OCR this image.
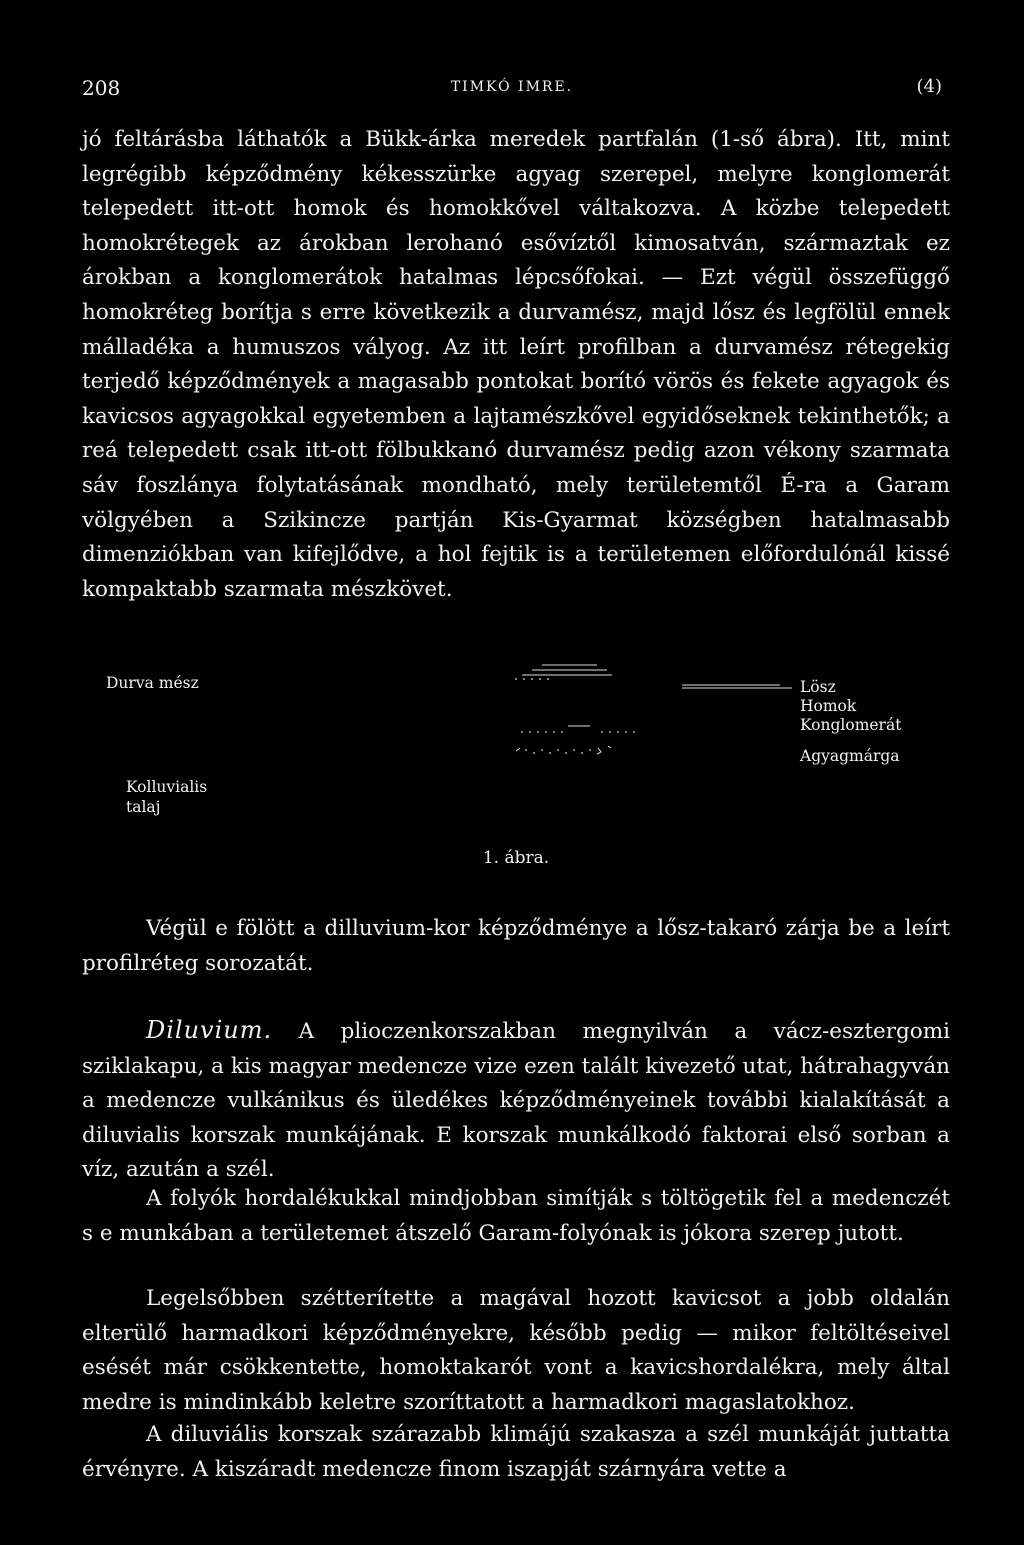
208	TIMKÓ IMRE.	(4)

jó feltárásba láthatók a Bükk-árka meredek partfalán (1-ső ábra). Itt, mint legrégibb képződmény kékesszürke agyag szerepel, melyre konglomerát telepedett itt-ott homok és homokkővel váltakozva. A közbe telepedett homokrétegek az árokban lerohanó esővíztől kimosatván, származtak ez árokban a konglomerátok hatalmas lépcsőfokai. — Ezt végül összefüggő homokréteg borítja s erre következik a durvamész, majd lősz és legfölül ennek málladéka a humuszos vályog. Az itt leírt profilban a durvamész rétegekig terjedő képződmények a magasabb pontokat borító vörös és fekete agyagok és kavicsos agyagokkal egyetemben a lajtamészkővel egyidőseknek tekinthetők; a reá telepedett csak itt-ott fölbukkanó durvamész pedig azon vékony szarmata sáv foszlánya folytatásának mondható, mely területemtől É-ra a Garam völgyében a Szikincze partján Kis-Gyarmat községben hatalmasabb dimenziókban van kifejlődve, a hol fejtik is a területemen előfordulónál kissé kompaktabb szarmata mészkövet.

Durva mész
Kolluvialis
talaj
Lösz
Homok
Konglomerát
Agyagmárga
1. ábra.

Végül e fölött a dilluvium-kor képződménye a lősz-takaró zárja be a leírt profilréteg sorozatát.

Diluvium. A plioczenkorszakban megnyilván a vácz-esztergomi sziklakapu, a kis magyar medencze vize ezen talált kivezető utat, hátrahagyván a medencze vulkánikus és üledékes képződményeinek további kialakítását a diluvialis korszak munkájának. E korszak munkálkodó faktorai első sorban a víz, azután a szél.

A folyók hordalékukkal mindjobban simítják s töltögetik fel a medenczét s e munkában a területemet átszelő Garam-folyónak is jókora szerep jutott.

Legelsőbben szétterítette a magával hozott kavicsot a jobb oldalán elterülő harmadkori képződményekre, később pedig — mikor feltöltéseivel esését már csökkentette, homoktakarót vont a kavicshordalékra, mely által medre is mindinkább keletre szoríttatott a harmadkori magaslatokhoz.

A diluviális korszak szárazabb klimájú szakasza a szél munkáját juttatta érvényre. A kiszáradt medencze finom iszapját szárnyára vette a
